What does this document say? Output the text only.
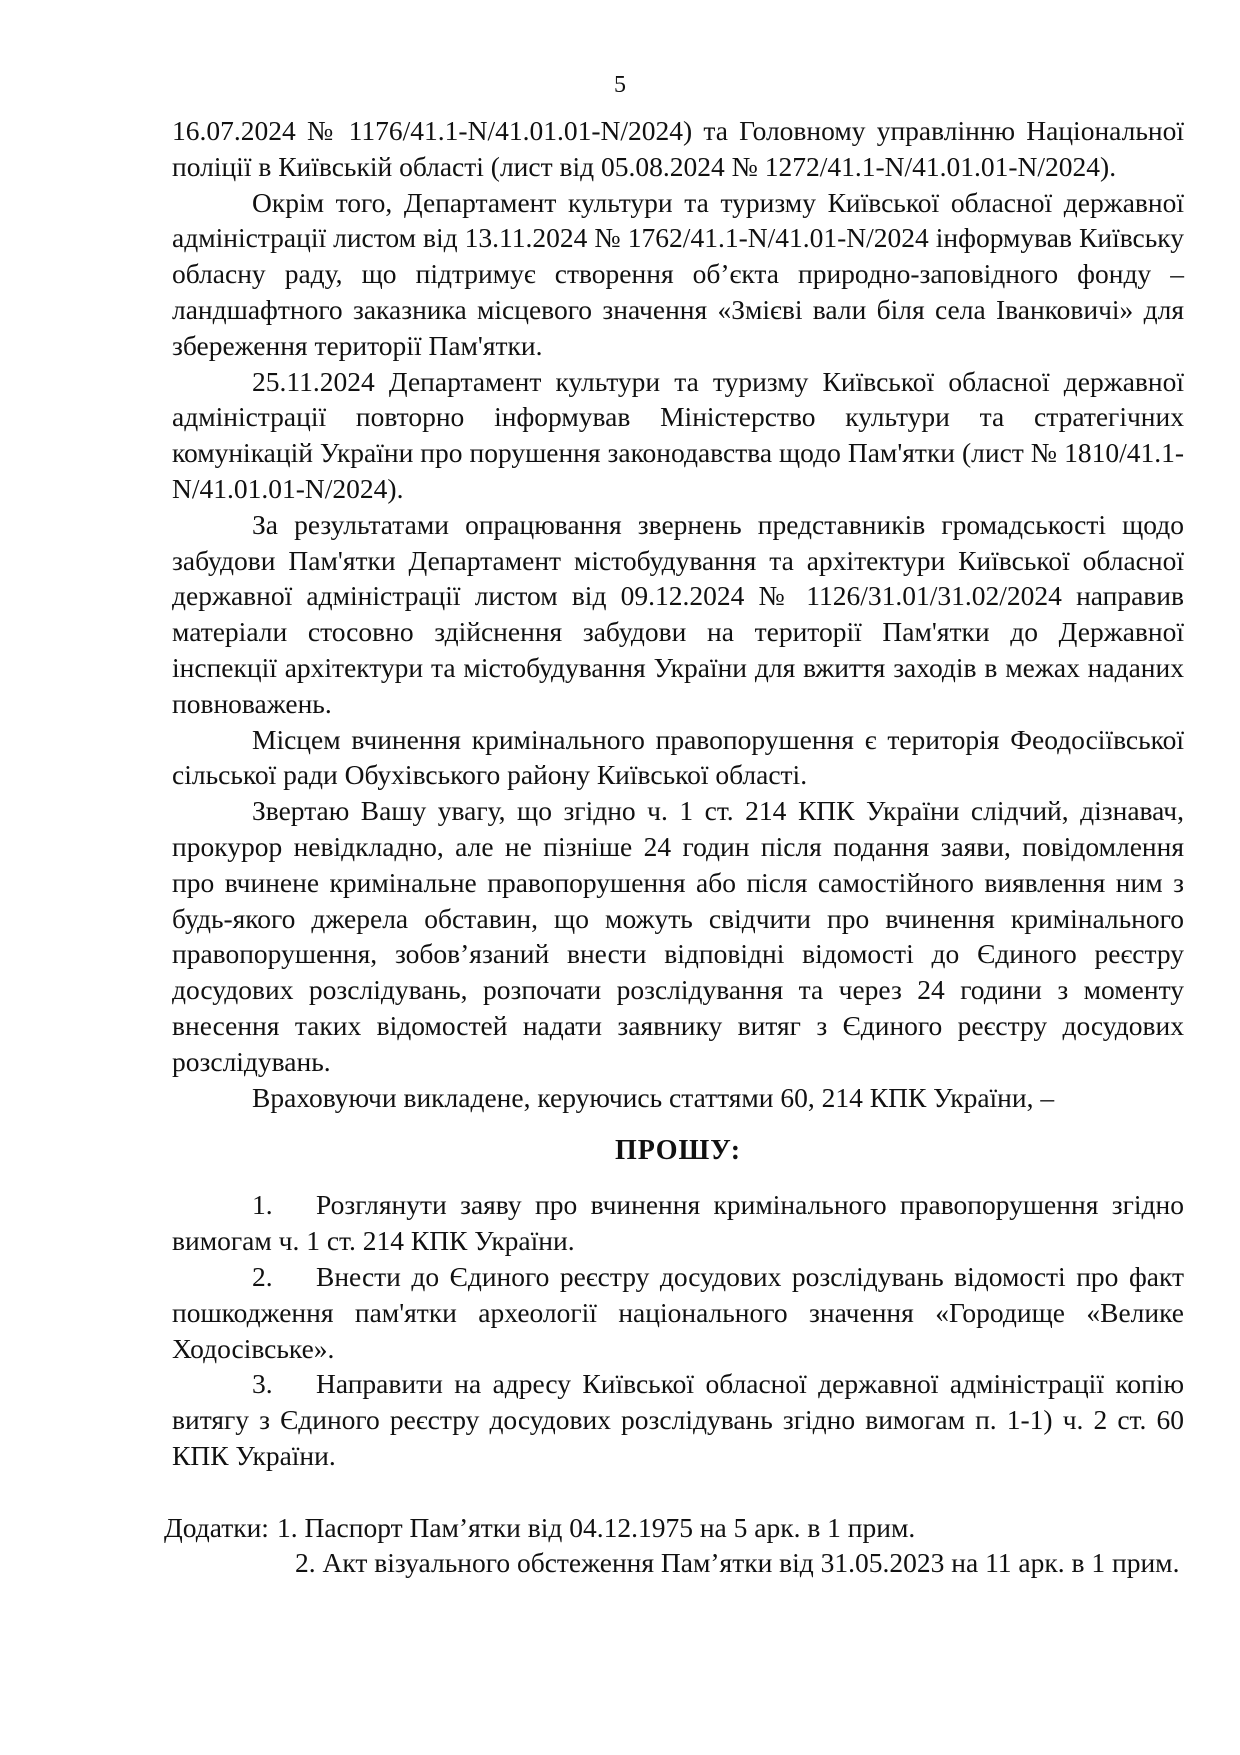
5

16.07.2024 № 1176/41.1-N/41.01.01-N/2024) та Головному управлінню Національної поліції в Київській області (лист від 05.08.2024 № 1272/41.1-N/41.01.01-N/2024).

Окрім того, Департамент культури та туризму Київської обласної державної адміністрації листом від 13.11.2024 № 1762/41.1-N/41.01-N/2024 інформував Київську обласну раду, що підтримує створення об’єкта природно-заповідного фонду – ландшафтного заказника місцевого значення «Змієві вали біля села Іванковичі» для збереження території Пам'ятки.

25.11.2024 Департамент культури та туризму Київської обласної державної адміністрації повторно інформував Міністерство культури та стратегічних комунікацій України про порушення законодавства щодо Пам'ятки (лист № 1810/41.1-N/41.01.01-N/2024).

За результатами опрацювання звернень представників громадськості щодо забудови Пам'ятки Департамент містобудування та архітектури Київської обласної державної адміністрації листом від 09.12.2024 № 1126/31.01/31.02/2024 направив матеріали стосовно здійснення забудови на території Пам'ятки до Державної інспекції архітектури та містобудування України для вжиття заходів в межах наданих повноважень.

Місцем вчинення кримінального правопорушення є територія Феодосіївської сільської ради Обухівського району Київської області.

Звертаю Вашу увагу, що згідно ч. 1 ст. 214 КПК України слідчий, дізнавач, прокурор невідкладно, але не пізніше 24 годин після подання заяви, повідомлення про вчинене кримінальне правопорушення або після самостійного виявлення ним з будь-якого джерела обставин, що можуть свідчити про вчинення кримінального правопорушення, зобов’язаний внести відповідні відомості до Єдиного реєстру досудових розслідувань, розпочати розслідування та через 24 години з моменту внесення таких відомостей надати заявнику витяг з Єдиного реєстру досудових розслідувань.

Враховуючи викладене, керуючись статтями 60, 214 КПК України, –

ПРОШУ:

1. Розглянути заяву про вчинення кримінального правопорушення згідно вимогам ч. 1 ст. 214 КПК України.

2. Внести до Єдиного реєстру досудових розслідувань відомості про факт пошкодження пам'ятки археології національного значення «Городище «Велике Ходосівське».

3. Направити на адресу Київської обласної державної адміністрації копію витягу з Єдиного реєстру досудових розслідувань згідно вимогам п. 1-1) ч. 2 ст. 60 КПК України.

Додатки: 1. Паспорт Пам’ятки від 04.12.1975 на 5 арк. в 1 прим.
2. Акт візуального обстеження Пам’ятки від 31.05.2023 на 11 арк. в 1 прим.
